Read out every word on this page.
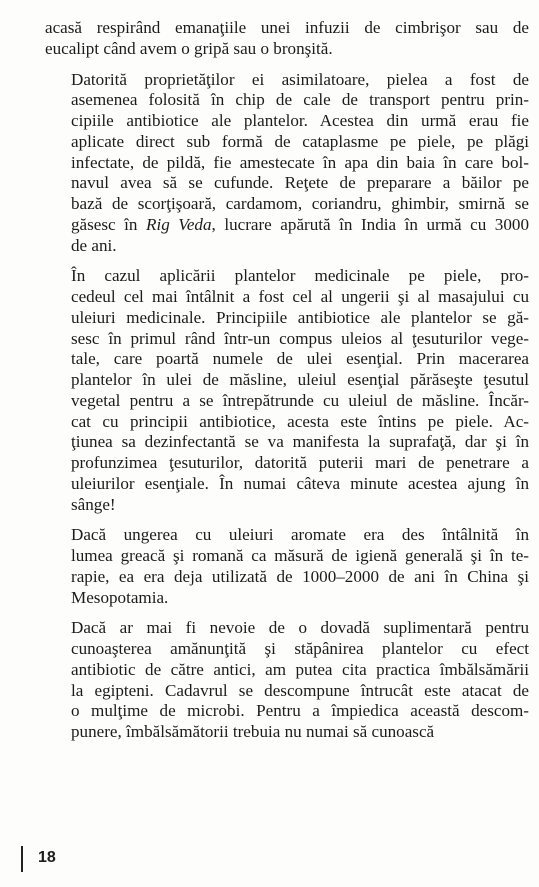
acasă respirând emanaţiile unei infuzii de cimbrişor sau de
eucalipt când avem o gripă sau o bronşită.

Datorită proprietăţilor ei asimilatoare, pielea a fost de
asemenea folosită în chip de cale de transport pentru prin-
cipiile antibiotice ale plantelor. Acestea din urmă erau fie
aplicate direct sub formă de cataplasme pe piele, pe plăgi
infectate, de pildă, fie amestecate în apa din baia în care bol-
navul avea să se cufunde. Reţete de preparare a băilor pe
bază de scorţişoară, cardamom, coriandru, ghimbir, smirnă se
găsesc în Rig Veda, lucrare apărută în India în urmă cu 3000
de ani.

În cazul aplicării plantelor medicinale pe piele, pro-
cedeul cel mai întâlnit a fost cel al ungerii şi al masajului cu
uleiuri medicinale. Principiile antibiotice ale plantelor se gă-
sesc în primul rând într-un compus uleios al ţesuturilor vege-
tale, care poartă numele de ulei esenţial. Prin macerarea
plantelor în ulei de măsline, uleiul esenţial părăseşte ţesutul
vegetal pentru a se întrepătrunde cu uleiul de măsline. Încăr-
cat cu principii antibiotice, acesta este întins pe piele. Ac-
ţiunea sa dezinfectantă se va manifesta la suprafaţă, dar şi în
profunzimea ţesuturilor, datorită puterii mari de penetrare a
uleiurilor esenţiale. În numai câteva minute acestea ajung în
sânge!

Dacă ungerea cu uleiuri aromate era des întâlnită în
lumea greacă şi romană ca măsură de igienă generală şi în te-
rapie, ea era deja utilizată de 1000–2000 de ani în China şi
Mesopotamia.

Dacă ar mai fi nevoie de o dovadă suplimentară pentru
cunoaşterea amănunţită şi stăpânirea plantelor cu efect
antibiotic de către antici, am putea cita practica îmbălsămării
la egipteni. Cadavrul se descompune întrucât este atacat de
o mulţime de microbi. Pentru a împiedica această descom-
punere, îmbălsămătorii trebuia nu numai să cunoască

18
